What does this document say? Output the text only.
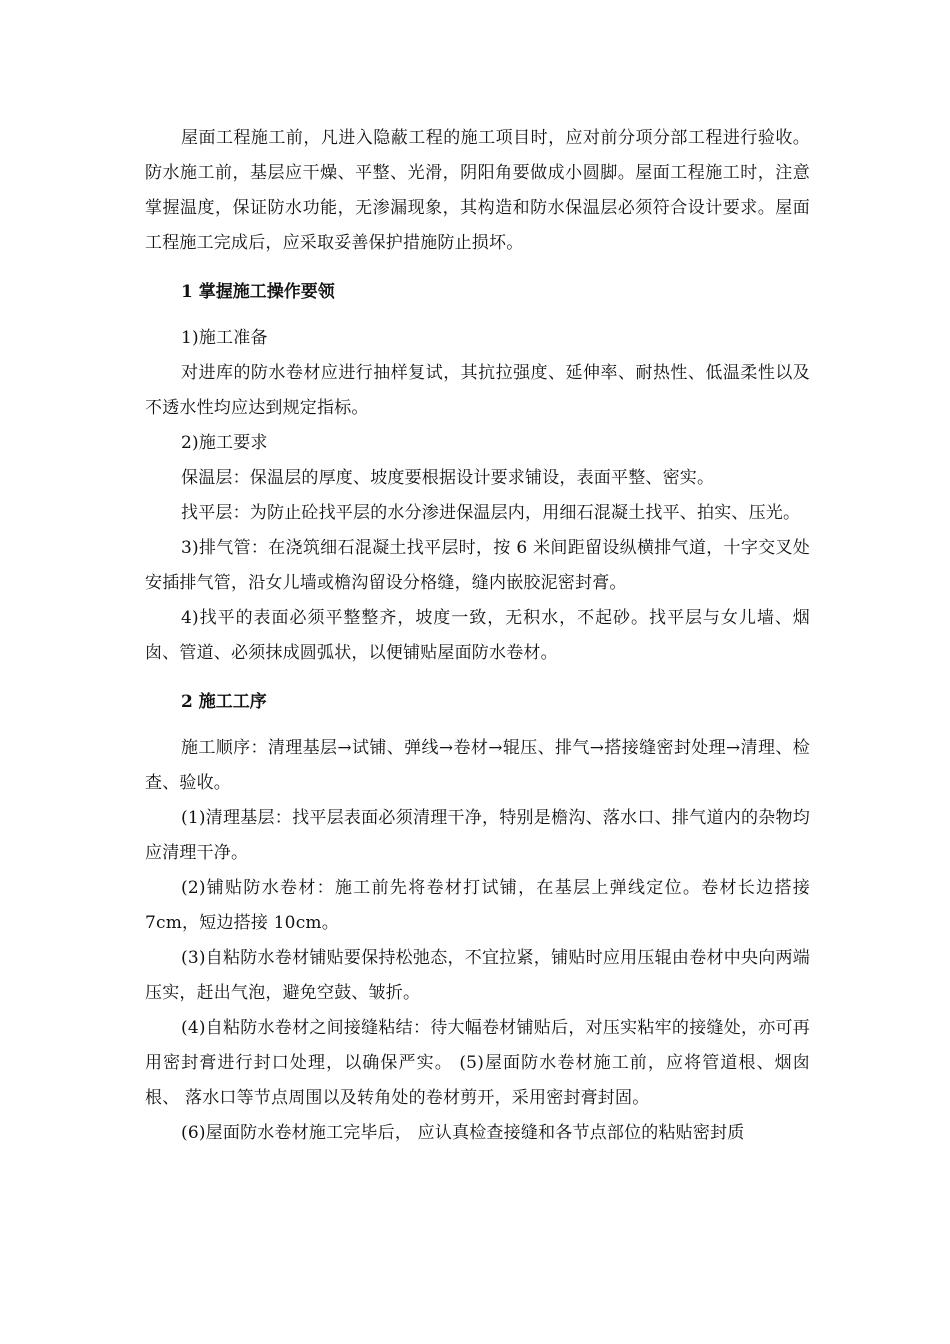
屋面工程施工前，凡进入隐蔽工程的施工项目时，应对前分项分部工程进行验收。防水施工前，基层应干燥、平整、光滑，阴阳角要做成小圆脚。屋面工程施工时，注意掌握温度，保证防水功能，无渗漏现象，其构造和防水保温层必须符合设计要求。屋面工程施工完成后，应采取妥善保护措施防止损坏。

1 掌握施工操作要领

1)施工准备

对进库的防水卷材应进行抽样复试，其抗拉强度、延伸率、耐热性、低温柔性以及不透水性均应达到规定指标。

2)施工要求

保温层：保温层的厚度、坡度要根据设计要求铺设，表面平整、密实。

找平层：为防止砼找平层的水分渗进保温层内，用细石混凝土找平、拍实、压光。

3)排气管：在浇筑细石混凝土找平层时，按 6 米间距留设纵横排气道，十字交叉处安插排气管，沿女儿墙或檐沟留设分格缝，缝内嵌胶泥密封膏。

4)找平的表面必须平整整齐，坡度一致，无积水，不起砂。找平层与女儿墙、烟囱、管道、必须抹成圆弧状，以便铺贴屋面防水卷材。

2 施工工序

施工顺序：清理基层→试铺、弹线→卷材→辊压、排气→搭接缝密封处理→清理、检查、验收。

(1)清理基层：找平层表面必须清理干净，特别是檐沟、落水口、排气道内的杂物均应清理干净。

(2)铺贴防水卷材：施工前先将卷材打试铺，在基层上弹线定位。卷材长边搭接 7cm，短边搭接 10cm。

(3)自粘防水卷材铺贴要保持松弛态，不宜拉紧，铺贴时应用压辊由卷材中央向两端压实，赶出气泡，避免空鼓、皱折。

(4)自粘防水卷材之间接缝粘结：待大幅卷材铺贴后，对压实粘牢的接缝处，亦可再用密封膏进行封口处理，以确保严实。 (5)屋面防水卷材施工前，应将管道根、烟囱根、 落水口等节点周围以及转角处的卷材剪开，采用密封膏封固。

(6)屋面防水卷材施工完毕后， 应认真检查接缝和各节点部位的粘贴密封质
